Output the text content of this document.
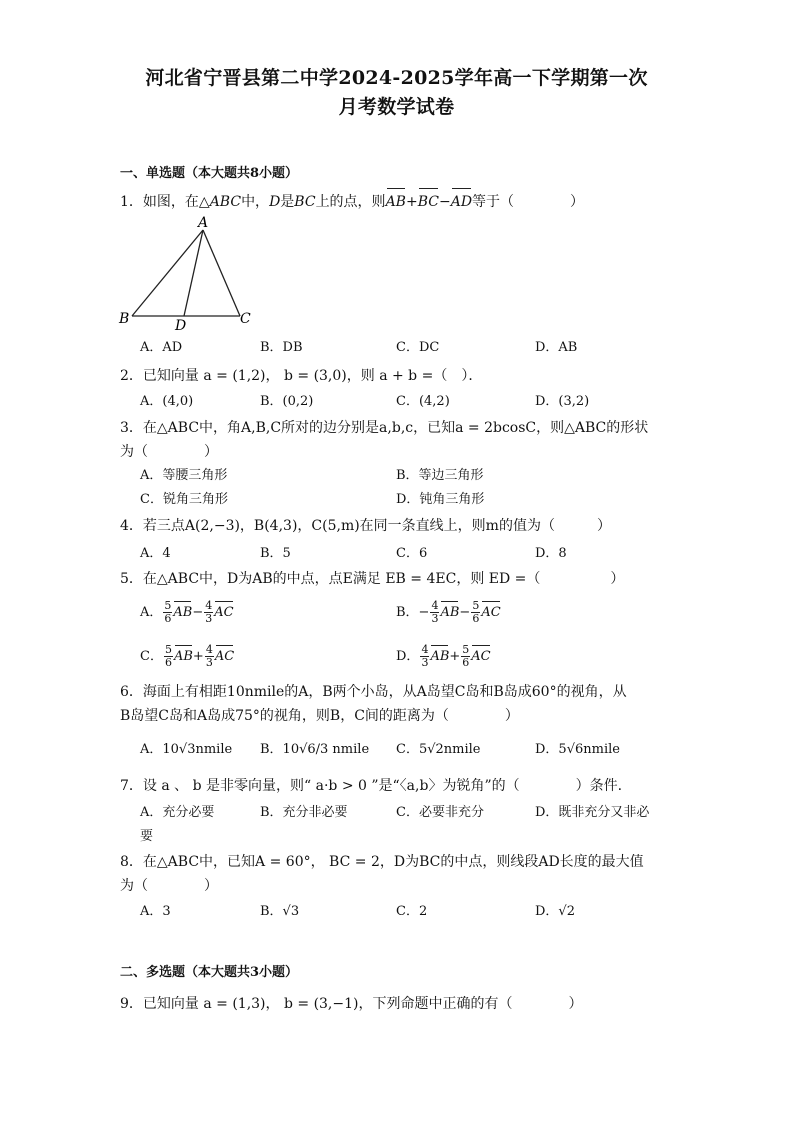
河北省宁晋县第二中学2024-2025学年高一下学期第一次
月考数学试卷
一、单选题（本大题共8小题）
1．如图，在△ABC中，D是BC上的点，则AB+BC−AD等于（　　　　）
A
B	C
D
A．AD	B．DB	C．DC	D．AB
2．已知向量 a = (1,2)， b = (3,0)，则 a + b =（　）．
A．(4,0)	B．(0,2)	C．(4,2)	D．(3,2)
3．在△ABC中，角A,B,C所对的边分别是a,b,c，已知a = 2bcosC，则△ABC的形状
为（　　　　）
A．等腰三角形	B．等边三角形
C．锐角三角形	D．钝角三角形
4．若三点A(2,−3)，B(4,3)，C(5,m)在同一条直线上，则m的值为（　　　）
A．4	B．5	C．6	D．8
5．在△ABC中，D为AB的中点，点E满足 EB = 4EC，则 ED =（　　　　　）
A． $\frac{5}{6} AB- \frac{4}{3}$ AC	B．− $\frac{4}{3} AB- \frac{5}{6}$ AC
C． $\frac{5}{6} AB+ \frac{4}{3}$ AC	D． $\frac{4}{3} AB+ \frac{5}{6}$ AC
6．海面上有相距10nmile的A，B两个小岛，从A岛望C岛和B岛成60°的视角，从
B岛望C岛和A岛成75°的视角，则B，C间的距离为（　　　　）
A．10√3nmile B．10√6/3 nmile C．5√2nmile	D．5√6nmile
7．设 a 、 b 是非零向量，则“ a·b > 0 ”是“〈a,b〉为锐角”的（　　　　）条件.
A．充分必要	B．充分非必要	C．必要非充分	D．既非充分又非必
要
8．在△ABC中，已知A = 60°， BC = 2，D为BC的中点，则线段AD长度的最大值
为（　　　　）
A．3	B．√3	C．2	D．√2
二、多选题（本大题共3小题）
9．已知向量 a = (1,3)， b = (3,−1)，下列命题中正确的有（　　　　）
